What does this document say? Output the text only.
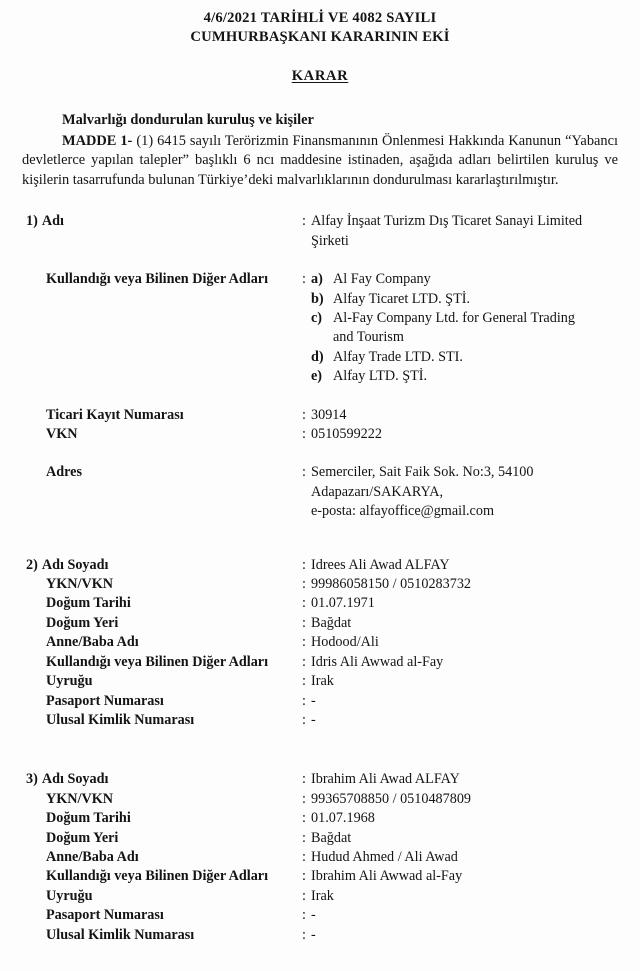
4/6/2021 TARİHLİ VE 4082 SAYILI
CUMHURBAŞKANI KARARININ EKİ
KARAR
Malvarlığı dondurulan kuruluş ve kişiler

MADDE 1- (1) 6415 sayılı Terörizmin Finansmanının Önlenmesi Hakkında Kanunun “Yabancı devletlerce yapılan talepler” başlıklı 6 ncı maddesine istinaden, aşağıda adları belirtilen kuruluş ve kişilerin tasarrufunda bulunan Türkiye’deki malvarlıklarının dondurulması kararlaştırılmıştır.

1) Adı	: Alfay İnşaat Turizm Dış Ticaret Sanayi Limited
Şirketi
Kullandığı veya Bilinen Diğer Adları	: a) Al Fay Company
b) Alfay Ticaret LTD. ŞTİ.
c) Al-Fay Company Ltd. for General Trading
and Tourism
d) Alfay Trade LTD. STI.
e) Alfay LTD. ŞTİ.
Ticari Kayıt Numarası	: 30914
VKN	: 0510599222
Adres	: Semerciler, Sait Faik Sok. No:3, 54100
Adapazarı/SAKARYA,
e-posta: alfayoffice@gmail.com
2) Adı Soyadı	: Idrees Ali Awad ALFAY
YKN/VKN	: 99986058150 / 0510283732
Doğum Tarihi	: 01.07.1971
Doğum Yeri	: Bağdat
Anne/Baba Adı	: Hodood/Ali
Kullandığı veya Bilinen Diğer Adları	: Idris Ali Awwad al-Fay
Uyruğu	: Irak
Pasaport Numarası	: -
Ulusal Kimlik Numarası	: -
3) Adı Soyadı	: Ibrahim Ali Awad ALFAY
YKN/VKN	: 99365708850 / 0510487809
Doğum Tarihi	: 01.07.1968
Doğum Yeri	: Bağdat
Anne/Baba Adı	: Hudud Ahmed / Ali Awad
Kullandığı veya Bilinen Diğer Adları	: Ibrahim Ali Awwad al-Fay
Uyruğu	: Irak
Pasaport Numarası	: -
Ulusal Kimlik Numarası	: -
